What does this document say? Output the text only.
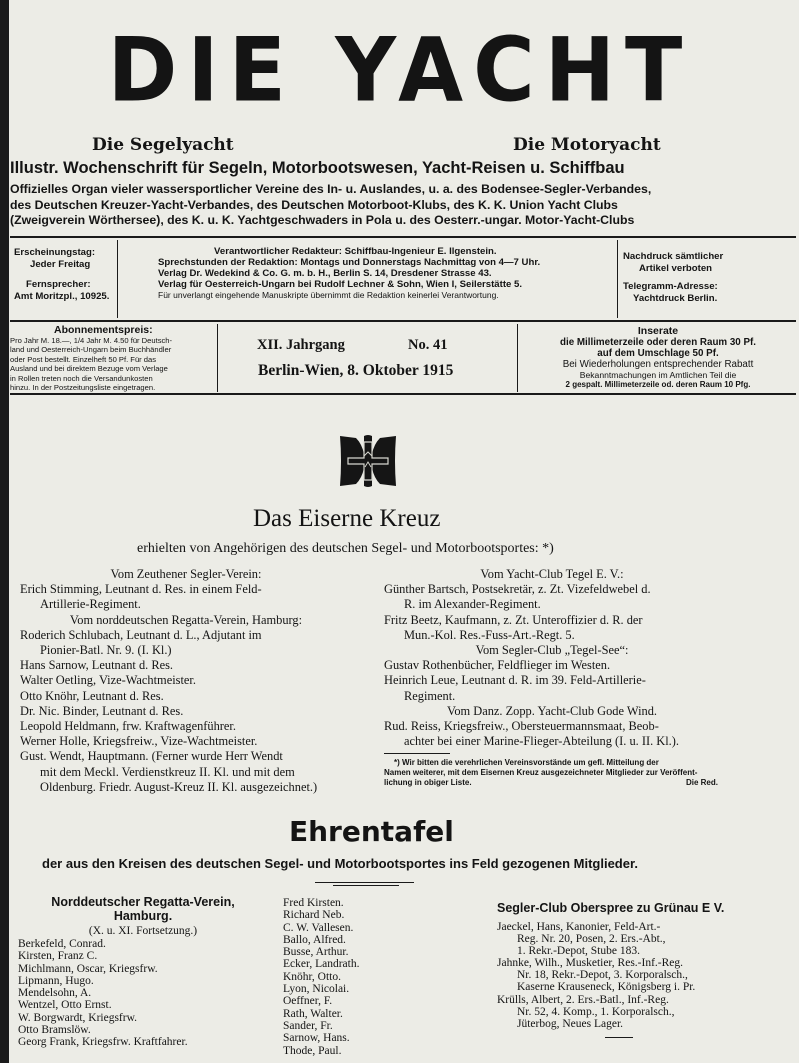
DIE YACHT
Die Segelyacht	Die Motoryacht
Illustr. Wochenschrift für Segeln, Motorbootswesen, Yacht-Reisen u. Schiffbau
Offizielles Organ vieler wassersportlicher Vereine des In- u. Auslandes, u. a. des Bodensee-Segler-Verbandes,
des Deutschen Kreuzer-Yacht-Verbandes, des Deutschen Motorboot-Klubs, des K. K. Union Yacht Clubs
(Zweigverein Wörthersee), des K. u. K. Yachtgeschwaders in Pola u. des Oesterr.-ungar. Motor-Yacht-Clubs
Erscheinungstag:
Jeder Freitag
Fernsprecher:
Amt Moritzpl., 10925.
Verantwortlicher Redakteur: Schiffbau-Ingenieur E. Ilgenstein.
Sprechstunden der Redaktion: Montags und Donnerstags Nachmittag von 4—7 Uhr.
Verlag Dr. Wedekind & Co. G. m. b. H., Berlin S. 14, Dresdener Strasse 43.
Verlag für Oesterreich-Ungarn bei Rudolf Lechner & Sohn, Wien I, Seilerstätte 5.
Für unverlangt eingehende Manuskripte übernimmt die Redaktion keinerlei Verantwortung.
Nachdruck sämtlicher
Artikel verboten
Telegramm-Adresse:
Yachtdruck Berlin.
Abonnementspreis:
Pro Jahr M. 18.—, 1/4 Jahr M. 4.50 für Deutsch-
land und Oesterreich-Ungarn beim Buchhändler
oder Post bestellt. Einzelheft 50 Pf. Für das
Ausland und bei direktem Bezuge vom Verlage
in Rollen treten noch die Versandunkosten
hinzu. In der Postzeitungsliste eingetragen.
XII. Jahrgang	No. 41
Berlin-Wien, 8. Oktober 1915
Inserate
die Millimeterzeile oder deren Raum 30 Pf.
auf dem Umschlage 50 Pf.
Bei Wiederholungen entsprechender Rabatt
Bekanntmachungen im Amtlichen Teil die
2 gespalt. Millimeterzeile od. deren Raum 10 Pfg.
Das Eiserne Kreuz
erhielten von Angehörigen des deutschen Segel- und Motorbootsportes: *)

Vom Zeuthener Segler-Verein:

Erich Stimming, Leutnant d. Res. in einem Feld-

Artillerie-Regiment.

Vom norddeutschen Regatta-Verein, Hamburg:

Roderich Schlubach, Leutnant d. L., Adjutant im

Pionier-Batl. Nr. 9. (I. Kl.)

Hans Sarnow, Leutnant d. Res.

Walter Oetling, Vize-Wachtmeister.

Otto Knöhr, Leutnant d. Res.

Dr. Nic. Binder, Leutnant d. Res.

Leopold Heldmann, frw. Kraftwagenführer.

Werner Holle, Kriegsfreiw., Vize-Wachtmeister.

Gust. Wendt, Hauptmann. (Ferner wurde Herr Wendt

mit dem Meckl. Verdienstkreuz II. Kl. und mit dem

Oldenburg. Friedr. August-Kreuz II. Kl. ausgezeichnet.)

Vom Yacht-Club Tegel E. V.:

Günther Bartsch, Postsekretär, z. Zt. Vizefeldwebel d.

R. im Alexander-Regiment.

Fritz Beetz, Kaufmann, z. Zt. Unteroffizier d. R. der

Mun.-Kol. Res.-Fuss-Art.-Regt. 5.

Vom Segler-Club „Tegel-See“:

Gustav Rothenbücher, Feldflieger im Westen.

Heinrich Leue, Leutnant d. R. im 39. Feld-Artillerie-

Regiment.

Vom Danz. Zopp. Yacht-Club Gode Wind.

Rud. Reiss, Kriegsfreiw., Obersteuermannsmaat, Beob-

achter bei einer Marine-Flieger-Abteilung (I. u. II. Kl.).

*) Wir bitten die verehrlichen Vereinsvorstände um gefl. Mitteilung der
Namen weiterer, mit dem Eisernen Kreuz ausgezeichneter Mitglieder zur Veröffent-
lichung in obiger Liste.	Die Red.
Ehrentafel
der aus den Kreisen des deutschen Segel- und Motorbootsportes ins Feld gezogenen Mitglieder.
Norddeutscher Regatta-Verein,
Hamburg.
(X. u. XI. Fortsetzung.)

Berkefeld, Conrad.

Kirsten, Franz C.

Michlmann, Oscar, Kriegsfrw.

Lipmann, Hugo.

Mendelsohn, A.

Wentzel, Otto Ernst.

W. Borgwardt, Kriegsfrw.

Otto Bramslöw.

Georg Frank, Kriegsfrw. Kraftfahrer.

Fred Kirsten.

Richard Neb.

C. W. Vallesen.

Ballo, Alfred.

Busse, Arthur.

Ecker, Landrath.

Knöhr, Otto.

Lyon, Nicolai.

Oeffner, F.

Rath, Walter.

Sander, Fr.

Sarnow, Hans.

Thode, Paul.

Segler-Club Oberspree zu Grünau E V.

Jaeckel, Hans, Kanonier, Feld-Art.-

Reg. Nr. 20, Posen, 2. Ers.-Abt.,

1. Rekr.-Depot, Stube 183.

Jahnke, Wilh., Musketier, Res.-Inf.-Reg.

Nr. 18, Rekr.-Depot, 3. Korporalsch.,

Kaserne Krauseneck, Königsberg i. Pr.

Krülls, Albert, 2. Ers.-Batl., Inf.-Reg.

Nr. 52, 4. Komp., 1. Korporalsch.,

Jüterbog, Neues Lager.
